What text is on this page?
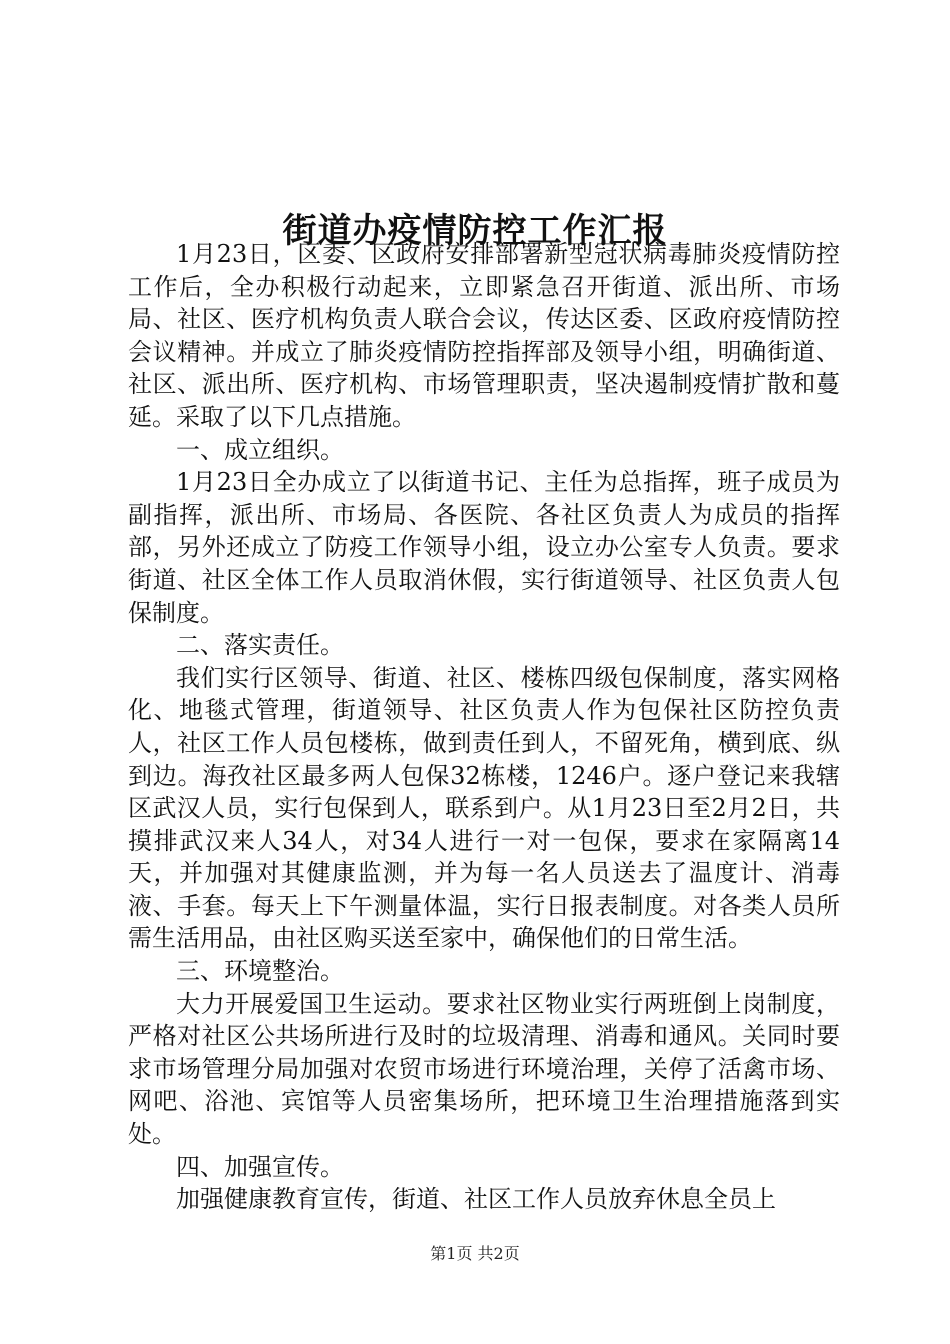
街道办疫情防控工作汇报

1月23日，区委、区政府安排部署新型冠状病毒肺炎疫情防控工作后，全办积极行动起来，立即紧急召开街道、派出所、市场局、社区、医疗机构负责人联合会议，传达区委、区政府疫情防控会议精神。并成立了肺炎疫情防控指挥部及领导小组，明确街道、社区、派出所、医疗机构、市场管理职责，坚决遏制疫情扩散和蔓延。采取了以下几点措施。

一、成立组织。

1月23日全办成立了以街道书记、主任为总指挥，班子成员为副指挥，派出所、市场局、各医院、各社区负责人为成员的指挥部，另外还成立了防疫工作领导小组，设立办公室专人负责。要求街道、社区全体工作人员取消休假，实行街道领导、社区负责人包保制度。

二、落实责任。

我们实行区领导、街道、社区、楼栋四级包保制度，落实网格化、地毯式管理，街道领导、社区负责人作为包保社区防控负责人，社区工作人员包楼栋，做到责任到人，不留死角，横到底、纵到边。海孜社区最多两人包保32栋楼，1246户。逐户登记来我辖区武汉人员，实行包保到人，联系到户。从1月23日至2月2日，共摸排武汉来人34人，对34人进行一对一包保，要求在家隔离14天，并加强对其健康监测，并为每一名人员送去了温度计、消毒液、手套。每天上下午测量体温，实行日报表制度。对各类人员所需生活用品，由社区购买送至家中，确保他们的日常生活。

三、环境整治。

大力开展爱国卫生运动。要求社区物业实行两班倒上岗制度，严格对社区公共场所进行及时的垃圾清理、消毒和通风。关同时要求市场管理分局加强对农贸市场进行环境治理，关停了活禽市场、网吧、浴池、宾馆等人员密集场所，把环境卫生治理措施落到实处。

四、加强宣传。

加强健康教育宣传，街道、社区工作人员放弃休息全员上

第1页 共2页
